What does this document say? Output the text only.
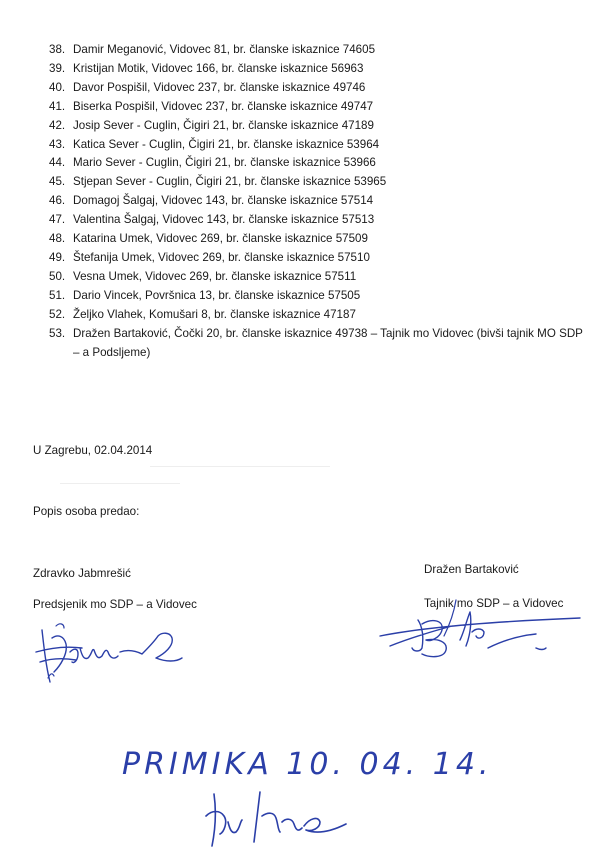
38. Damir Meganović, Vidovec 81, br. članske iskaznice 74605
39. Kristijan Motik, Vidovec 166, br. članske iskaznice 56963
40. Davor Pospišil, Vidovec 237, br. članske iskaznice 49746
41. Biserka Pospišil, Vidovec 237, br. članske iskaznice 49747
42. Josip Sever - Cuglin, Čigiri 21, br. članske iskaznice 47189
43. Katica Sever - Cuglin, Čigiri 21, br. članske iskaznice 53964
44. Mario Sever - Cuglin, Čigiri 21, br. članske iskaznice 53966
45. Stjepan Sever - Cuglin, Čigiri 21, br. članske iskaznice 53965
46. Domagoj Šalgaj, Vidovec 143, br. članske iskaznice 57514
47. Valentina Šalgaj, Vidovec 143, br. članske iskaznice 57513
48. Katarina Umek, Vidovec 269, br. članske iskaznice 57509
49. Štefanija Umek, Vidovec 269, br. članske iskaznice 57510
50. Vesna Umek, Vidovec 269, br. članske iskaznice 57511
51. Dario Vincek, Površnica 13, br. članske iskaznice 57505
52. Željko Vlahek, Komušari 8, br. članske iskaznice 47187
53. Dražen Bartaković, Čočki 20, br. članske iskaznice 49738 – Tajnik mo Vidovec (bivši tajnik MO SDP – a Podsljeme)
U Zagrebu, 02.04.2014
Popis osoba predao:
Zdravko Jabmrešić
Predsjenik mo SDP – a Vidovec
Dražen Bartaković
Tajnik mo SDP – a Vidovec
PRIMIKA 10. 04. 14.
